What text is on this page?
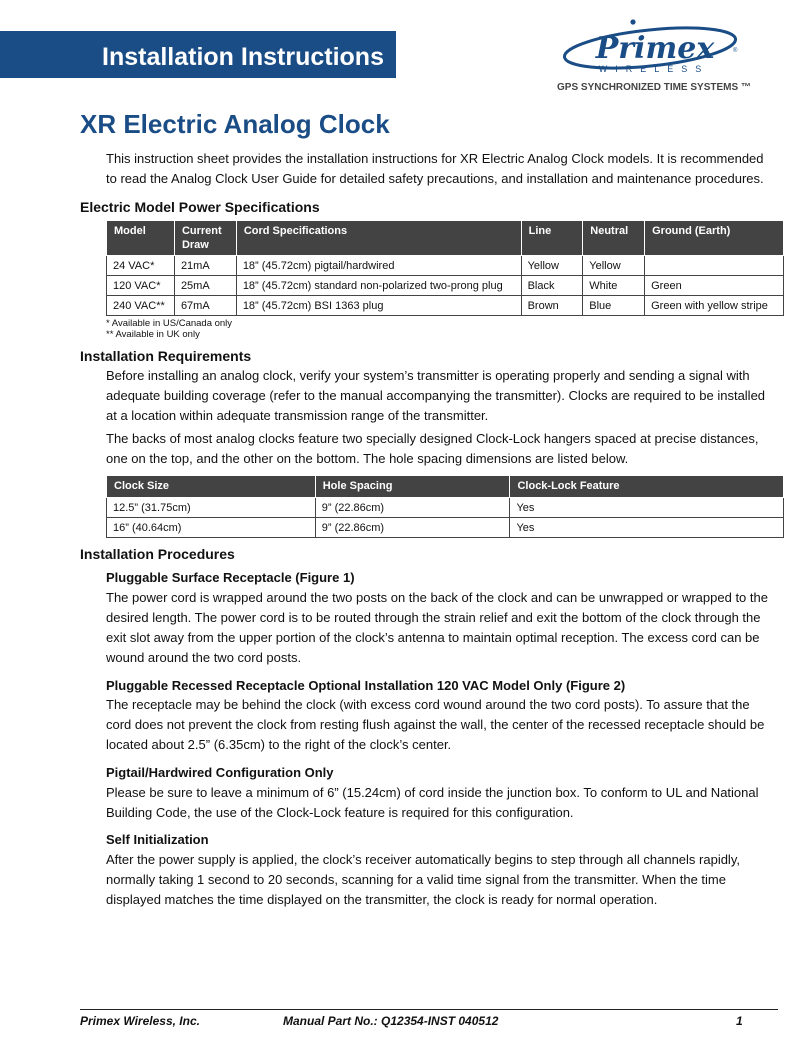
Installation Instructions	Primex	®
WIRELESS
GPS SYNCHRONIZED TIME SYSTEMS ™
XR Electric Analog Clock

This instruction sheet provides the installation instructions for XR Electric Analog Clock models. It is recommended to read the Analog Clock User Guide for detailed safety precautions, and installation and maintenance procedures.

Electric Model Power Specifications
Model	Current Draw	Cord Specifications	Line	Neutral	Ground (Earth)
24 VAC*	21mA	18” (45.72cm) pigtail/hardwired	Yellow	Yellow	
120 VAC*	25mA	18” (45.72cm) standard non-polarized two-prong plug	Black	White	Green
240 VAC**	67mA	18” (45.72cm) BSI 1363 plug	Brown	Blue	Green with yellow stripe
* Available in US/Canada only
** Available in UK only
Installation Requirements

Before installing an analog clock, verify your system’s transmitter is operating properly and sending a signal with adequate building coverage (refer to the manual accompanying the transmitter). Clocks are required to be installed at a location within adequate transmission range of the transmitter.

The backs of most analog clocks feature two specially designed Clock-Lock hangers spaced at precise distances, one on the top, and the other on the bottom. The hole spacing dimensions are listed below.

Clock Size	Hole Spacing	Clock-Lock Feature
12.5” (31.75cm)	9” (22.86cm)	Yes
16” (40.64cm)	9” (22.86cm)	Yes
Installation Procedures
Pluggable Surface Receptacle (Figure 1)

The power cord is wrapped around the two posts on the back of the clock and can be unwrapped or wrapped to the desired length. The power cord is to be routed through the strain relief and exit the bottom of the clock through the exit slot away from the upper portion of the clock’s antenna to maintain optimal reception. The excess cord can be wound around the two cord posts.

Pluggable Recessed Receptacle Optional Installation 120 VAC Model Only (Figure 2)

The receptacle may be behind the clock (with excess cord wound around the two cord posts). To assure that the cord does not prevent the clock from resting flush against the wall, the center of the recessed receptacle should be located about 2.5” (6.35cm) to the right of the clock’s center.

Pigtail/Hardwired Configuration Only

Please be sure to leave a minimum of 6” (15.24cm) of cord inside the junction box. To conform to UL and National Building Code, the use of the Clock-Lock feature is required for this configuration.

Self Initialization

After the power supply is applied, the clock’s receiver automatically begins to step through all channels rapidly, normally taking 1 second to 20 seconds, scanning for a valid time signal from the transmitter. When the time displayed matches the time displayed on the transmitter, the clock is ready for normal operation.

Primex Wireless, Inc.	Manual Part No.: Q12354-INST 040512	1
